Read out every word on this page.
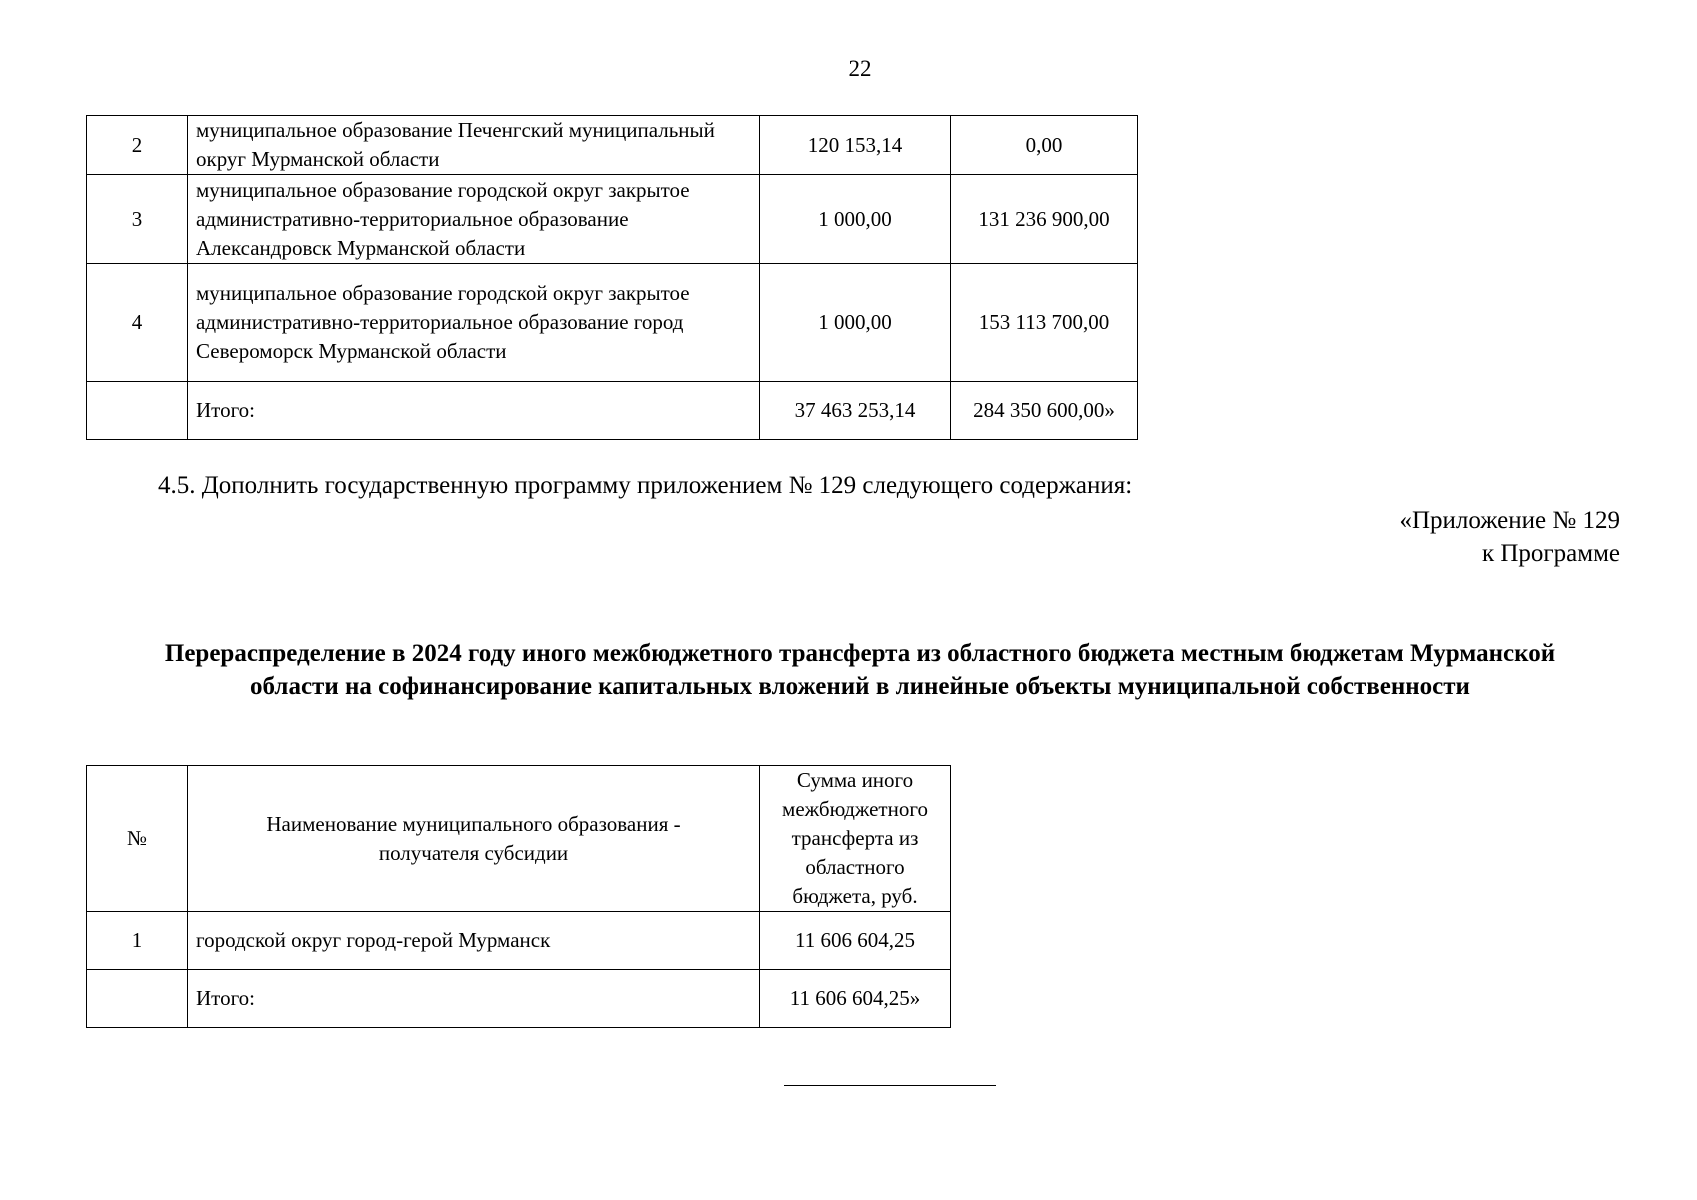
22
2	муниципальное образование Печенгский муниципальный округ Мурманской области	120 153,14	0,00
3	муниципальное образование городской округ закрытое административно-территориальное образование Александровск Мурманской области	1 000,00	131 236 900,00
4	муниципальное образование городской округ закрытое административно-территориальное образование город Североморск Мурманской области	1 000,00	153 113 700,00
	Итого:	37 463 253,14	284 350 600,00»
4.5. Дополнить государственную программу приложением № 129 следующего содержания:
«Приложение № 129
к Программе
Перераспределение в 2024 году иного межбюджетного трансферта из областного бюджета местным бюджетам Мурманской области на софинансирование капитальных вложений в линейные объекты муниципальной собственности
№	Наименование муниципального образования - получателя субсидии	Сумма иного межбюджетного трансферта из областного бюджета, руб.
1	городской округ город-герой Мурманск	11 606 604,25
	Итого:	11 606 604,25»
